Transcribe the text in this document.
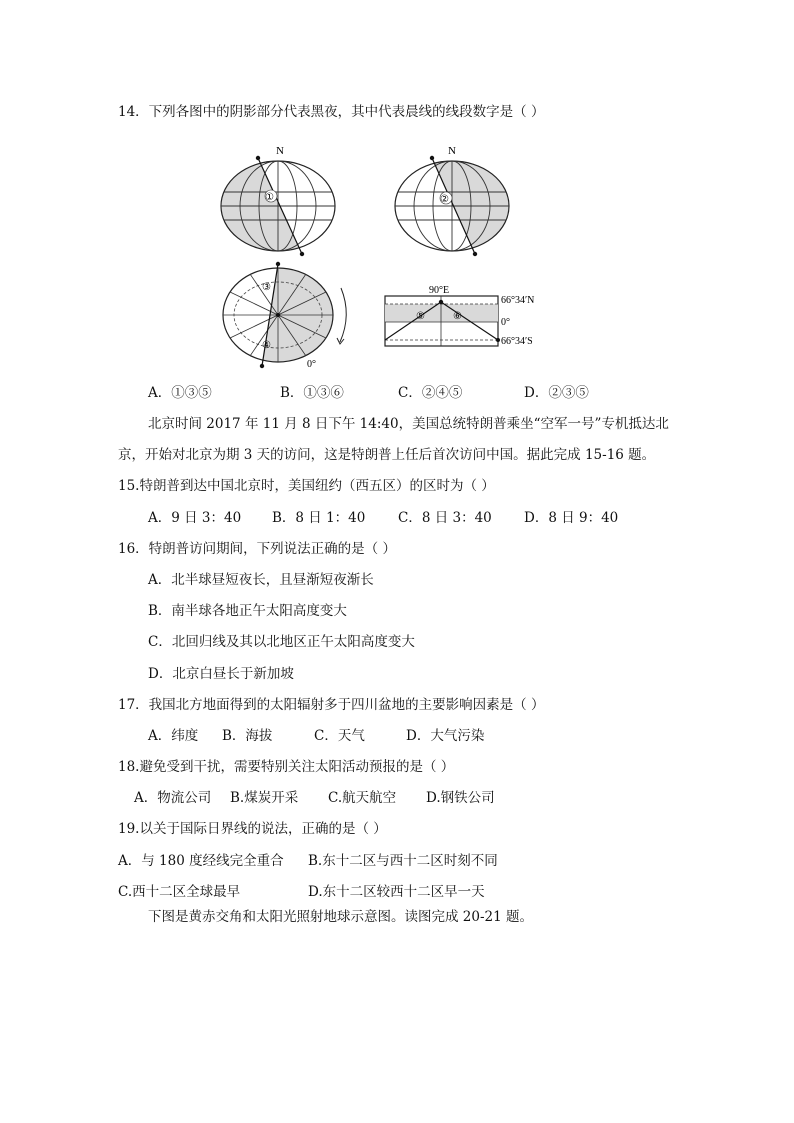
14．下列各图中的阴影部分代表黑夜，其中代表晨线的线段数字是（ ）
N
①
N
②
③
④
0°
⑤	⑥
90°E
66°34′N
0°
66°34′S
A．①③⑤	B．①③⑥	C．②④⑤	D．②③⑤
北京时间 2017 年 11 月 8 日下午 14:40，美国总统特朗普乘坐“空军一号”专机抵达北
京，开始对北京为期 3 天的访问，这是特朗普上任后首次访问中国。据此完成 15-16 题。
15.特朗普到达中国北京时，美国纽约（西五区）的区时为（ ）
A．9 日 3：40 B．8 日 1：40 C．8 日 3：40 D．8 日 9：40
16．特朗普访问期间，下列说法正确的是（ ）
A．北半球昼短夜长，且昼渐短夜渐长
B．南半球各地正午太阳高度变大
C．北回归线及其以北地区正午太阳高度变大
D．北京白昼长于新加坡
17．我国北方地面得到的太阳辐射多于四川盆地的主要影响因素是（ ）
A．纬度 B．海拔	C．天气	D．大气污染
18.避免受到干扰，需要特别关注太阳活动预报的是（ ）
A．物流公司 B.煤炭开采 C.航天航空 D.钢铁公司
19.以关于国际日界线的说法，正确的是（ ）
A．与 180 度经线完全重合 B.东十二区与西十二区时刻不同
C.西十二区全球最早	D.东十二区较西十二区早一天
下图是黄赤交角和太阳光照射地球示意图。读图完成 20-21 题。
